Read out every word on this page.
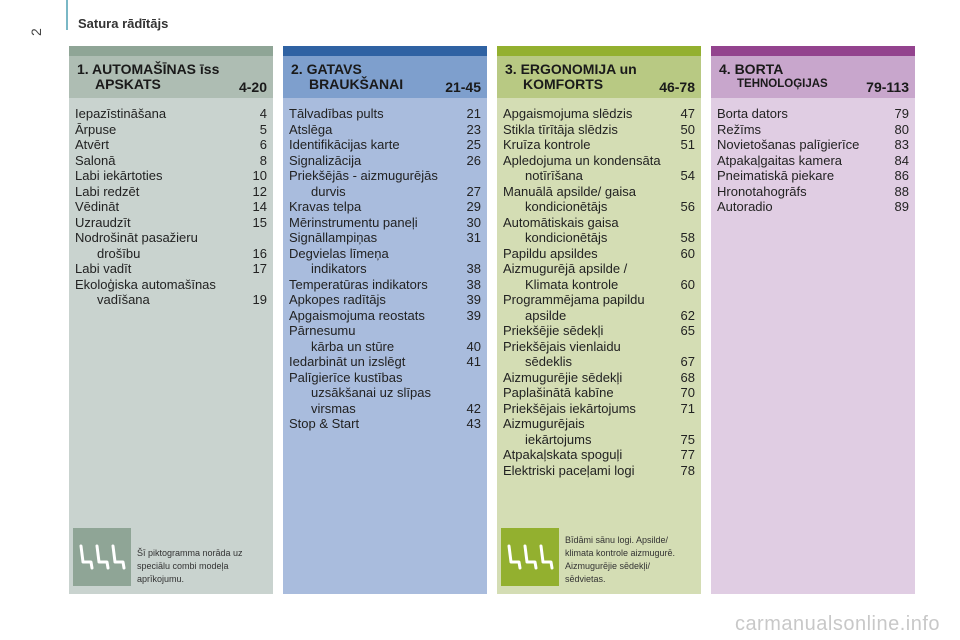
2
Satura rādītājs
1. AUTOMAŠĪNAS īss
APSKATS	4-20
Iepazīstināšana	4
Ārpuse	5
Atvērt	6
Salonā	8
Labi iekārtoties	10
Labi redzēt	12
Vēdināt	14
Uzraudzīt	15
Nodrošināt pasažieru
drošību	16
Labi vadīt	17
Ekoloģiska automašīnas
vadīšana	19
Šī piktogramma norāda uz speciālu combi modeļa aprīkojumu.
2. GATAVS
BRAUKŠANAI	21-45
Tālvadības pults	21
Atslēga	23
Identifikācijas karte	25
Signalizācija	26
Priekšējās - aizmugurējās
durvis	27
Kravas telpa	29
Mērinstrumentu paneļi	30
Signāllampiņas	31
Degvielas līmeņa
indikators	38
Temperatūras indikators	38
Apkopes radītājs	39
Apgaismojuma reostats	39
Pārnesumu
kārba un stūre	40
Iedarbināt un izslēgt	41
Palīgierīce kustības
uzsākšanai uz slīpas
virsmas	42
Stop & Start	43
3. ERGONOMIJA un
KOMFORTS	46-78
Apgaismojuma slēdzis	47
Stikla tīrītāja slēdzis	50
Kruīza kontrole	51
Apledojuma un kondensāta
notīrīšana	54
Manuālā apsilde/ gaisa
kondicionētājs	56
Automātiskais gaisa
kondicionētājs	58
Papildu apsildes	60
Aizmugurējā apsilde /
Klimata kontrole	60
Programmējama papildu
apsilde	62
Priekšējie sēdekļi	65
Priekšējais vienlaidu
sēdeklis	67
Aizmugurējie sēdekļi	68
Paplašinātā kabīne	70
Priekšējais iekārtojums	71
Aizmugurējais
iekārtojums	75
Atpakaļskata spoguļi	77
Elektriski paceļami logi	78
Bīdāmi sānu logi. Apsilde/ klimata kontrole aizmugurē. Aizmugurējie sēdekļi/ sēdvietas.
4. BORTA
TEHNOLOĢIJAS	79-113
Borta dators	79
Režīms	80
Novietošanas palīgierīce	83
Atpakaļgaitas kamera	84
Pneimatiskā piekare	86
Hronotahogrāfs	88
Autoradio	89
carmanualsonline.info
